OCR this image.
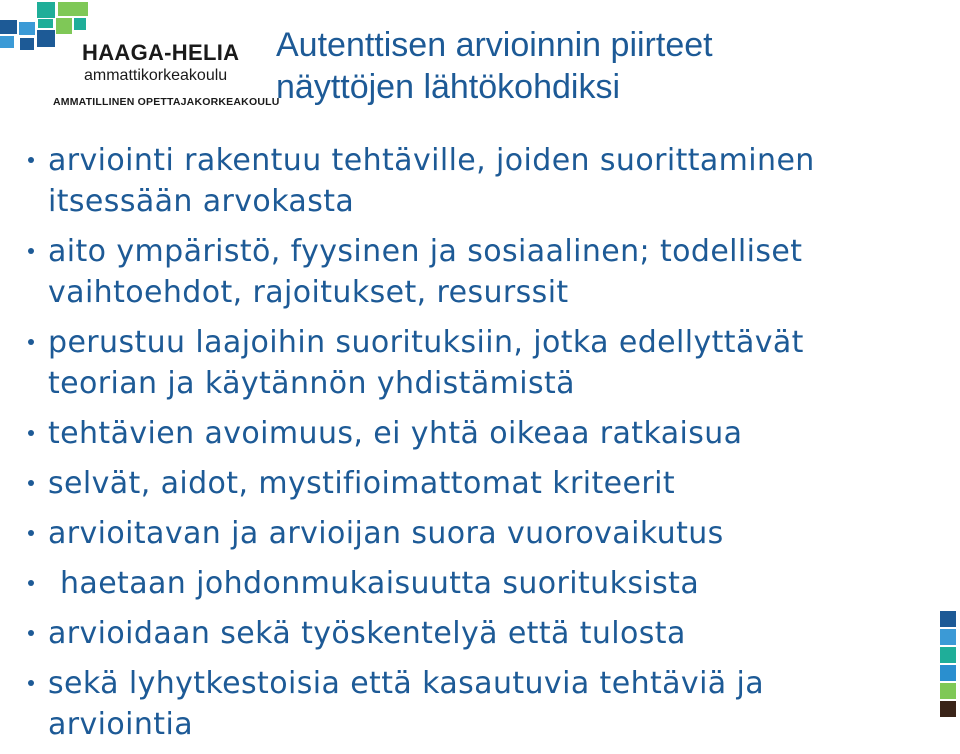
HAAGA-HELIA
ammattikorkeakoulu
AMMATILLINEN OPETTAJAKORKEAKOULU
Autenttisen arvioinnin piirteet
näyttöjen lähtökohdiksi
arviointi rakentuu tehtäville, joiden suorittaminen
itsessään arvokasta
aito ympäristö, fyysinen ja sosiaalinen; todelliset
vaihtoehdot, rajoitukset, resurssit
perustuu laajoihin suorituksiin, jotka edellyttävät
teorian ja käytännön yhdistämistä
tehtävien avoimuus, ei yhtä oikeaa ratkaisua
selvät, aidot, mystifioimattomat kriteerit
arvioitavan ja arvioijan suora vuorovaikutus
haetaan johdonmukaisuutta suorituksista
arvioidaan sekä työskentelyä että tulosta
sekä lyhytkestoisia että kasautuvia tehtäviä ja
arviointia
